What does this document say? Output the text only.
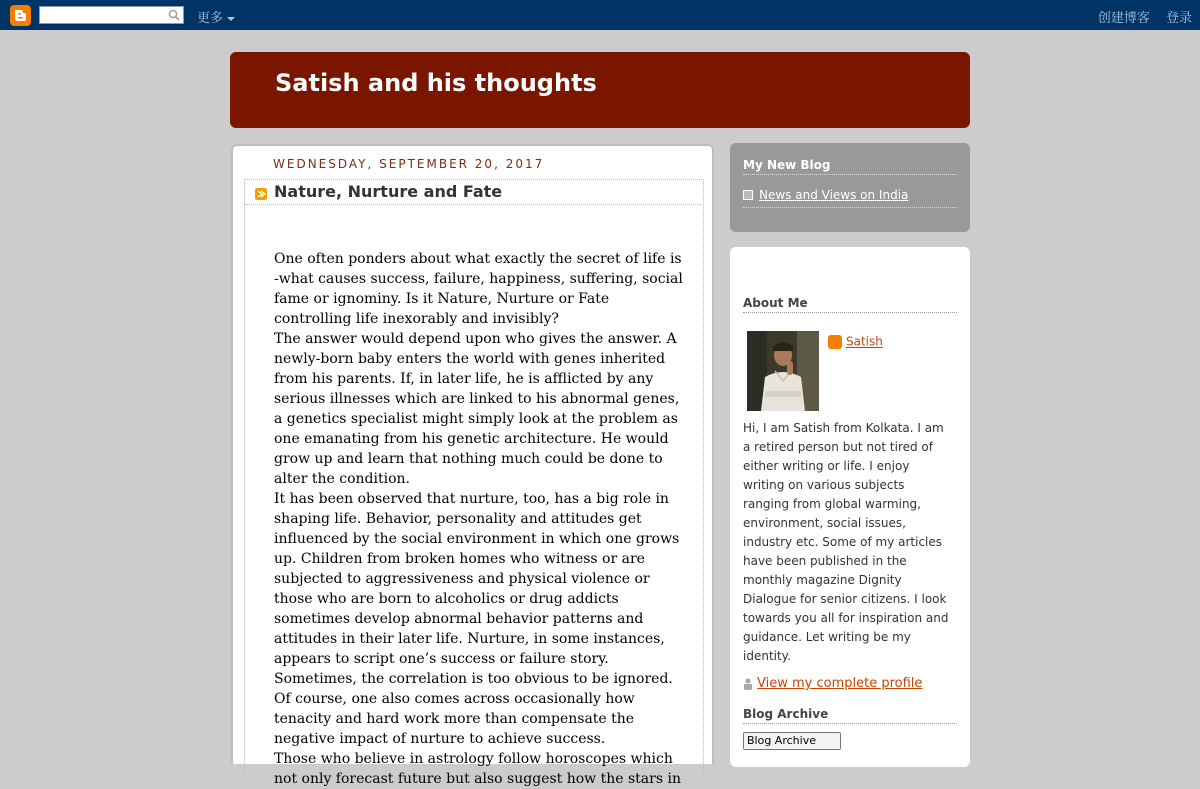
更多	创建博客 登录
Satish and his thoughts
WEDNESDAY, SEPTEMBER 20, 2017
Nature, Nurture and Fate

One often ponders about what exactly the secret of life is -what causes success, failure, happiness, suffering, social fame or ignominy. Is it Nature, Nurture or Fate controlling life inexorably and invisibly?

The answer would depend upon who gives the answer. A newly-born baby enters the world with genes inherited from his parents. If, in later life, he is afflicted by any serious illnesses which are linked to his abnormal genes, a genetics specialist might simply look at the problem as one emanating from his genetic architecture. He would grow up and learn that nothing much could be done to alter the condition.

It has been observed that nurture, too, has a big role in shaping life. Behavior, personality and attitudes get influenced by the social environment in which one grows up. Children from broken homes who witness or are subjected to aggressiveness and physical violence or those who are born to alcoholics or drug addicts sometimes develop abnormal behavior patterns and attitudes in their later life. Nurture, in some instances, appears to script one’s success or failure story. Sometimes, the correlation is too obvious to be ignored. Of course, one also comes across occasionally how tenacity and hard work more than compensate the negative impact of nurture to achieve success.

Those who believe in astrology follow horoscopes which not only forecast future but also suggest how the stars in

My New Blog
News and Views on India
About Me
Satish
Hi, I am Satish from Kolkata. I am a retired person but not tired of either writing or life. I enjoy writing on various subjects ranging from global warming, environment, social issues, industry etc. Some of my articles have been published in the monthly magazine Dignity Dialogue for senior citizens. I look towards you all for inspiration and guidance. Let writing be my identity.
View my complete profile
Blog Archive
Blog Archive
